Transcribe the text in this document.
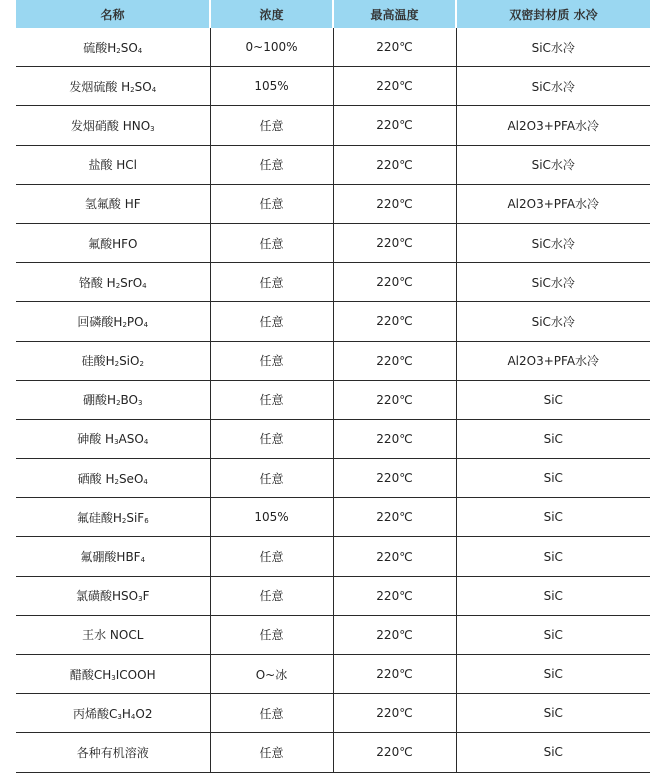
名称	浓度	最高温度	双密封材质 水冷
硫酸$H_2SO_4$	0~100%	220℃	SiC水冷
发烟硫酸 $H_2SO_4$	105%	220℃	SiC水冷
发烟硝酸 $HNO_3$	任意	220℃	Al2O3+PFA水冷
盐酸 HCl	任意	220℃	SiC水冷
氢氟酸 HF	任意	220℃	Al2O3+PFA水冷
氟酸HFO	任意	220℃	SiC水冷
铬酸 $H_2SrO_4$	任意	220℃	SiC水冷
回磷酸$H_2PO_4$	任意	220℃	SiC水冷
硅酸$H_2SiO_2$	任意	220℃	Al2O3+PFA水冷
硼酸$H_2BO_3$	任意	220℃	SiC
砷酸 $H_3ASO_4$	任意	220℃	SiC
硒酸 $H_2SeO_4$	任意	220℃	SiC
氟硅酸$H_2SiF_6$	105%	220℃	SiC
氟硼酸$HBF_4$	任意	220℃	SiC
氯磺酸$HSO_3F$	任意	220℃	SiC
王水 NOCL	任意	220℃	SiC
醋酸$CH_3ICOOH$	O~冰	220℃	SiC
丙烯酸$C_3H_4O2$	任意	220℃	SiC
各种有机溶液	任意	220℃	SiC
